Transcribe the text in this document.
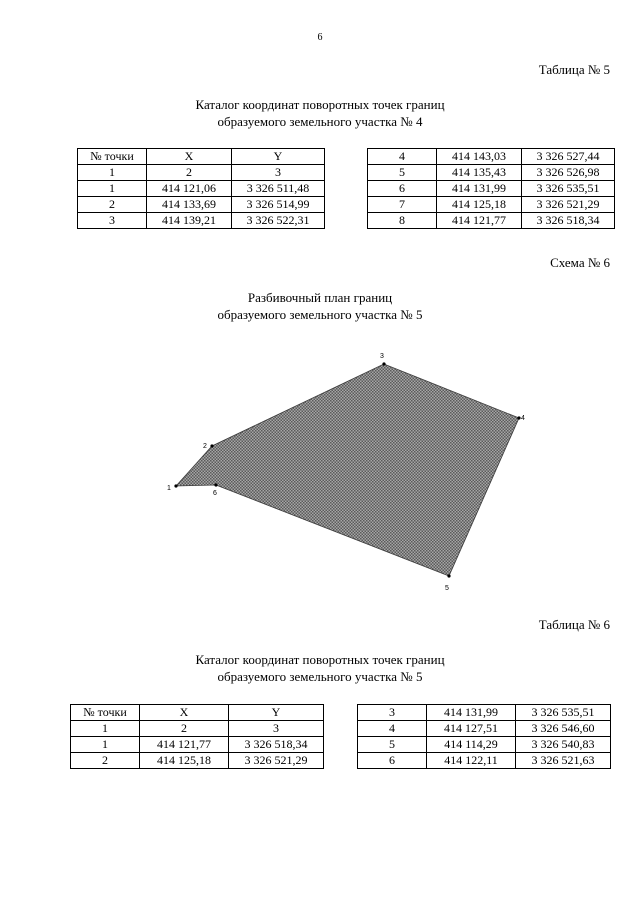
6
Таблица № 5
Каталог координат поворотных точек границ
образуемого земельного участка № 4
№ точки	X	Y
1	2	3
1	414 121,06	3 326 511,48
2	414 133,69	3 326 514,99
3	414 139,21	3 326 522,31
4	414 143,03	3 326 527,44
5	414 135,43	3 326 526,98
6	414 131,99	3 326 535,51
7	414 125,18	3 326 521,29
8	414 121,77	3 326 518,34
Схема № 6
Разбивочный план границ
образуемого земельного участка № 5
1
2
3
4
5
6
Таблица № 6
Каталог координат поворотных точек границ
образуемого земельного участка № 5
№ точки	X	Y
1	2	3
1	414 121,77	3 326 518,34
2	414 125,18	3 326 521,29
3	414 131,99	3 326 535,51
4	414 127,51	3 326 546,60
5	414 114,29	3 326 540,83
6	414 122,11	3 326 521,63
